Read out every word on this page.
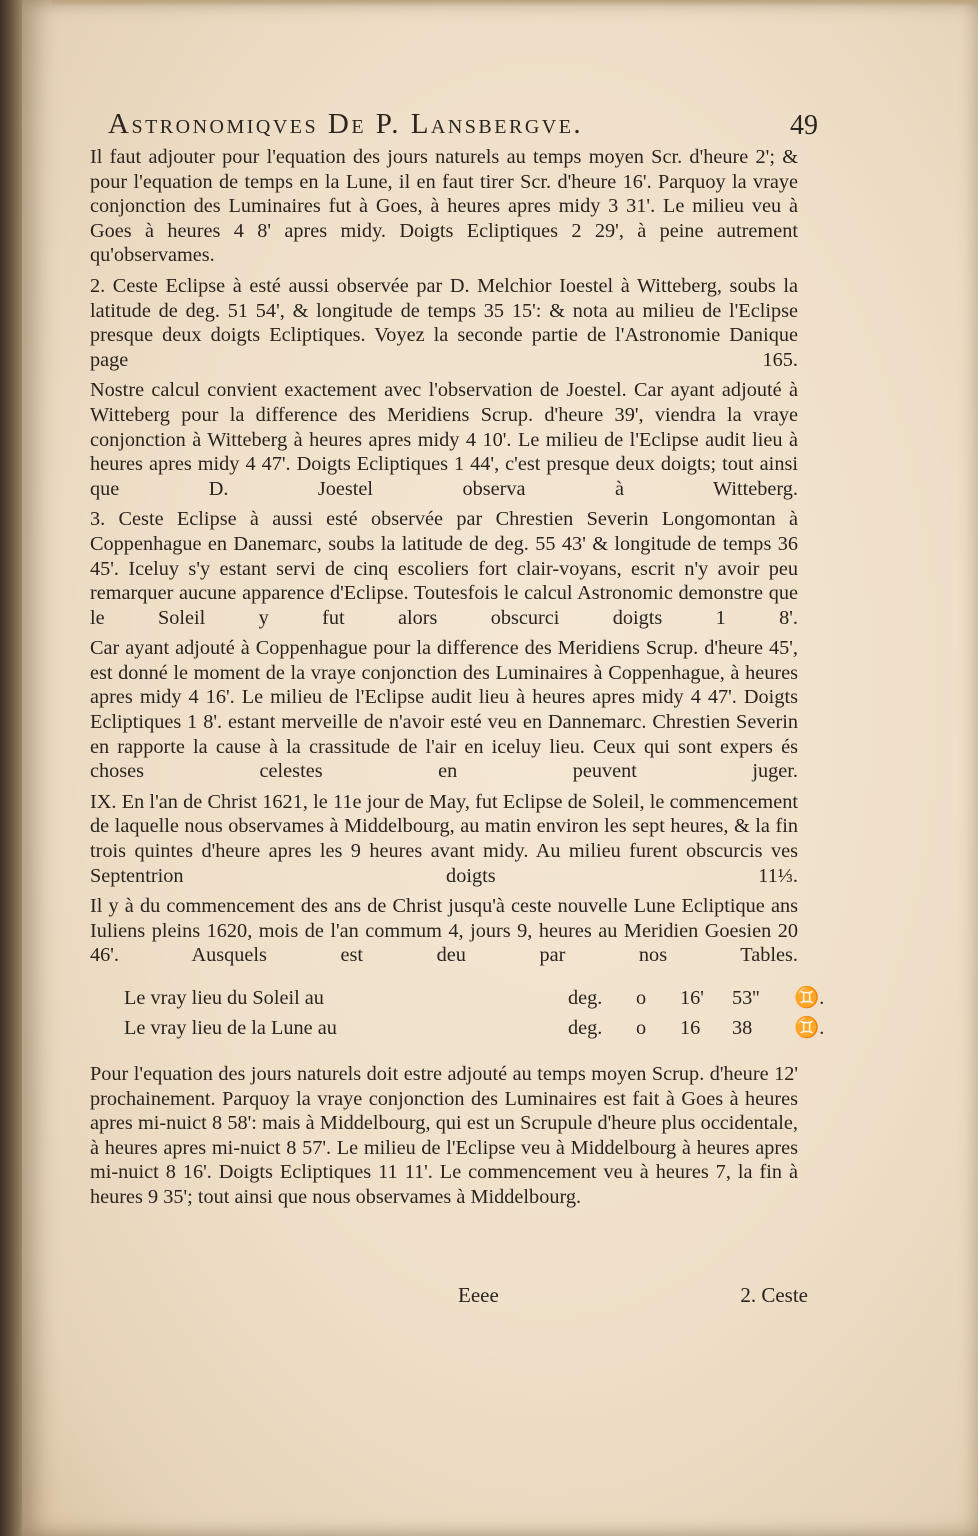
Astronomiqves De P. Lansbergve.	49

Il faut adjouter pour l'equation des jours naturels au temps moyen Scr. d'heure 2'; & pour l'equation de temps en la Lune, il en faut tirer Scr. d'heure 16'. Parquoy la vraye conjonction des Luminaires fut à Goes, à heures apres midy 3 31'. Le milieu veu à Goes à heures 4 8' apres midy. Doigts Ecliptiques 2 29', à peine autrement qu'observames.

2. Ceste Eclipse à esté aussi observée par D. Melchior Ioestel à Witteberg, soubs la latitude de deg. 51 54', & longitude de temps 35 15': & nota au milieu de l'Eclipse presque deux doigts Ecliptiques. Voyez la seconde partie de l'Astronomie Danique page 165.

Nostre calcul convient exactement avec l'observation de Joestel. Car ayant adjouté à Witteberg pour la difference des Meridiens Scrup. d'heure 39', viendra la vraye conjonction à Witteberg à heures apres midy 4 10'. Le milieu de l'Eclipse audit lieu à heures apres midy 4 47'. Doigts Ecliptiques 1 44', c'est presque deux doigts; tout ainsi que D. Joestel observa à Witteberg.

3. Ceste Eclipse à aussi esté observée par Chrestien Severin Longomontan à Coppenhague en Danemarc, soubs la latitude de deg. 55 43' & longitude de temps 36 45'. Iceluy s'y estant servi de cinq escoliers fort clair-voyans, escrit n'y avoir peu remarquer aucune apparence d'Eclipse. Toutesfois le calcul Astronomic demonstre que le Soleil y fut alors obscurci doigts 1 8'.

Car ayant adjouté à Coppenhague pour la difference des Meridiens Scrup. d'heure 45', est donné le moment de la vraye conjonction des Luminaires à Coppenhague, à heures apres midy 4 16'. Le milieu de l'Eclipse audit lieu à heures apres midy 4 47'. Doigts Ecliptiques 1 8'. estant merveille de n'avoir esté veu en Dannemarc. Chrestien Severin en rapporte la cause à la crassitude de l'air en iceluy lieu. Ceux qui sont expers és choses celestes en peuvent juger.

IX. En l'an de Christ 1621, le 11e jour de May, fut Eclipse de Soleil, le commencement de laquelle nous observames à Middelbourg, au matin environ les sept heures, & la fin trois quintes d'heure apres les 9 heures avant midy. Au milieu furent obscurcis ves Septentrion doigts 11⅓.

Il y à du commencement des ans de Christ jusqu'à ceste nouvelle Lune Ecliptique ans Iuliens pleins 1620, mois de l'an commum 4, jours 9, heures au Meridien Goesien 20 46'. Ausquels est deu par nos Tables.

Le vray lieu du Soleil au	deg. o 16' 53'' ♊.
Le vray lieu de la Lune au	deg. o 16 38 ♊.

Pour l'equation des jours naturels doit estre adjouté au temps moyen Scrup. d'heure 12' prochainement. Parquoy la vraye conjonction des Luminaires est fait à Goes à heures apres mi-nuict 8 58': mais à Middelbourg, qui est un Scrupule d'heure plus occidentale, à heures apres mi-nuict 8 57'. Le milieu de l'Eclipse veu à Middelbourg à heures apres mi-nuict 8 16'. Doigts Ecliptiques 11 11'. Le commencement veu à heures 7, la fin à heures 9 35'; tout ainsi que nous observames à Middelbourg.

Eeee	2. Ceste
